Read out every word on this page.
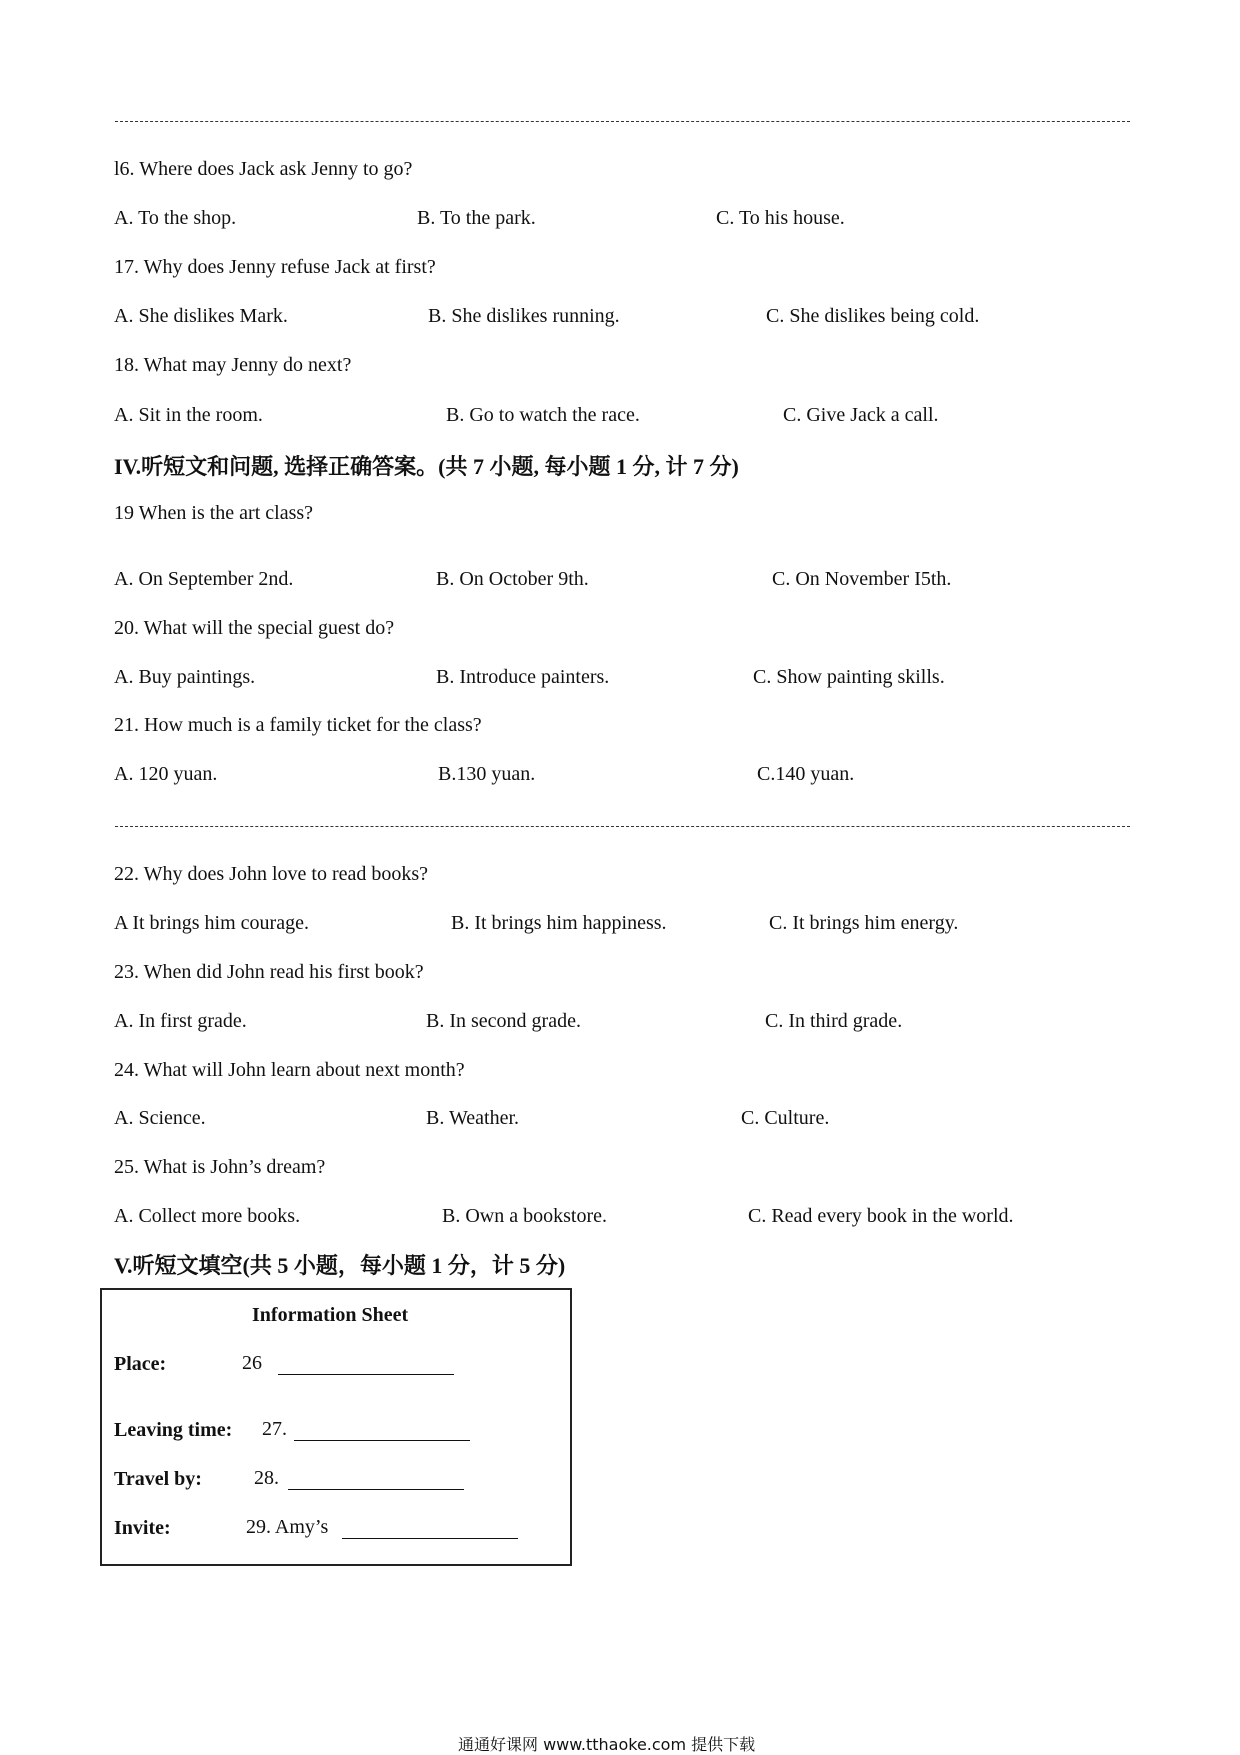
l6. Where does Jack ask Jenny to go?
A. To the shop.	B. To the park.	C. To his house.
17. Why does Jenny refuse Jack at first?
A. She dislikes Mark.	B. She dislikes running.	C. She dislikes being cold.
18. What may Jenny do next?
A. Sit in the room.	B. Go to watch the race.	C. Give Jack a call.
IV.听短文和问题, 选择正确答案。(共 7 小题, 每小题 1 分, 计 7 分)
19 When is the art class?
A. On September 2nd.	B. On October 9th.	C. On November I5th.
20. What will the special guest do?
A. Buy paintings.	B. Introduce painters.	C. Show painting skills.
21. How much is a family ticket for the class?
A. 120 yuan.	B.130 yuan.	C.140 yuan.
22. Why does John love to read books?
A It brings him courage.	B. It brings him happiness.	C. It brings him energy.
23. When did John read his first book?
A. In first grade.	B. In second grade.	C. In third grade.
24. What will John learn about next month?
A. Science.	B. Weather.	C. Culture.
25. What is John’s dream?
A. Collect more books.	B. Own a bookstore.	C. Read every book in the world.
V.听短文填空(共 5 小题，每小题 1 分，计 5 分)
Information Sheet
Place:	26
Leaving time: 27.
Travel by:	28.
Invite:	29. Amy’s
通通好课网 www.tthaoke.com 提供下载
